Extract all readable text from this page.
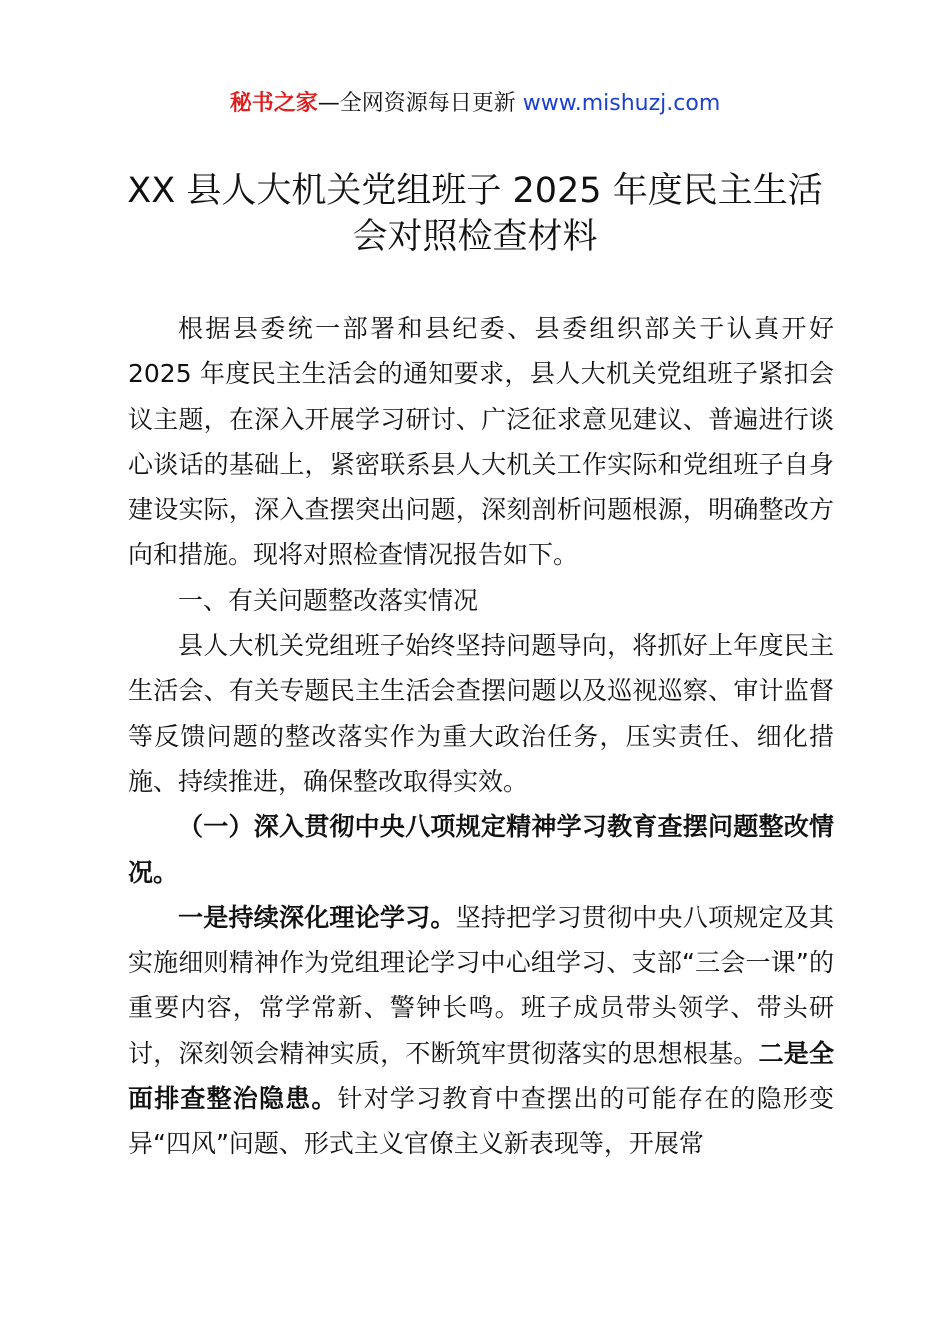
秘书之家—全网资源每日更新 www.mishuzj.com
XX 县人大机关党组班子 2025 年度民主生活
会对照检查材料

根据县委统一部署和县纪委、县委组织部关于认真开好 2025 年度民主生活会的通知要求，县人大机关党组班子紧扣会议主题，在深入开展学习研讨、广泛征求意见建议、普遍进行谈心谈话的基础上，紧密联系县人大机关工作实际和党组班子自身建设实际，深入查摆突出问题，深刻剖析问题根源，明确整改方向和措施。现将对照检查情况报告如下。

一、有关问题整改落实情况

县人大机关党组班子始终坚持问题导向，将抓好上年度民主生活会、有关专题民主生活会查摆问题以及巡视巡察、审计监督等反馈问题的整改落实作为重大政治任务，压实责任、细化措施、持续推进，确保整改取得实效。

（一）深入贯彻中央八项规定精神学习教育查摆问题整改情况。

一是持续深化理论学习。坚持把学习贯彻中央八项规定及其实施细则精神作为党组理论学习中心组学习、支部“三会一课”的重要内容，常学常新、警钟长鸣。班子成员带头领学、带头研讨，深刻领会精神实质，不断筑牢贯彻落实的思想根基。二是全面排查整治隐患。针对学习教育中查摆出的可能存在的隐形变异“四风”问题、形式主义官僚主义新表现等，开展常
